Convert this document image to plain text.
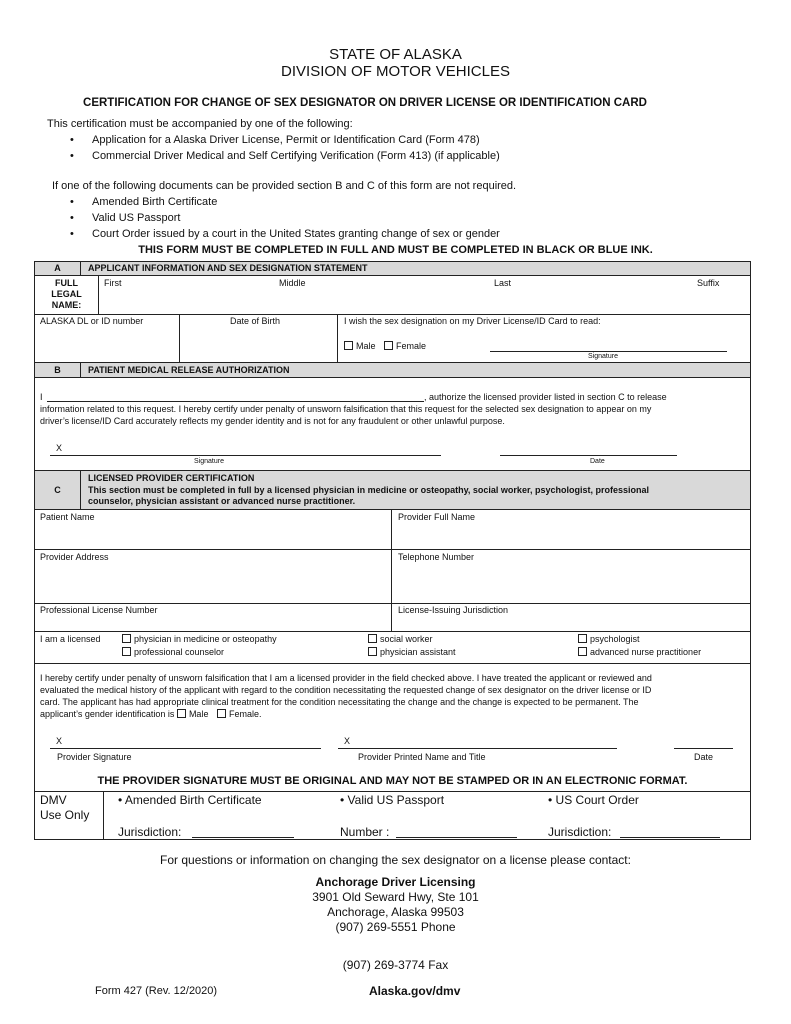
STATE OF ALASKA
DIVISION OF MOTOR VEHICLES
CERTIFICATION FOR CHANGE OF SEX DESIGNATOR ON DRIVER LICENSE OR IDENTIFICATION CARD
This certification must be accompanied by one of the following:
• Application for a Alaska Driver License, Permit or Identification Card (Form 478)
• Commercial Driver Medical and Self Certifying Verification (Form 413) (if applicable)
If one of the following documents can be provided section B and C of this form are not required.
• Amended Birth Certificate
• Valid US Passport
• Court Order issued by a court in the United States granting change of sex or gender
THIS FORM MUST BE COMPLETED IN FULL AND MUST BE COMPLETED IN BLACK OR BLUE INK.
A	APPLICANT INFORMATION AND SEX DESIGNATION STATEMENT
FULL
LEGAL
NAME:
First	Middle	Last	Suffix
ALASKA DL or ID number	Date of Birth	I wish the sex designation on my Driver License/ID Card to read:
Male Female
Signature
B	PATIENT MEDICAL RELEASE AUTHORIZATION
I	, authorize the licensed provider listed in section C to release
information related to this request. I hereby certify under penalty of unsworn falsification that this request for the selected sex designation to appear on my
driver’s license/ID Card accurately reflects my gender identity and is not for any fraudulent or other unlawful purpose.
X
Signature	Date
C
LICENSED PROVIDER CERTIFICATION
This section must be completed in full by a licensed physician in medicine or osteopathy, social worker, psychologist, professional
counselor, physician assistant or advanced nurse practitioner.
Patient Name	Provider Full Name
Provider Address	Telephone Number
Professional License Number	License-Issuing Jurisdiction
I am a licensed	physician in medicine or osteopathy	social worker	psychologist
professional counselor	physician assistant	advanced nurse practitioner
I hereby certify under penalty of unsworn falsification that I am a licensed provider in the field checked above. I have treated the applicant or reviewed and
evaluated the medical history of the applicant with regard to the condition necessitating the requested change of sex designator on the driver license or ID
card. The applicant has had appropriate clinical treatment for the condition necessitating the change and the change is expected to be permanent. The
applicant’s gender identification is Male Female.
X
Provider Signature
X
Provider Printed Name and Title	Date
THE PROVIDER SIGNATURE MUST BE ORIGINAL AND MAY NOT BE STAMPED OR IN AN ELECTRONIC FORMAT.
DMV
Use Only
• Amended Birth Certificate	• Valid US Passport	• US Court Order
Jurisdiction:	Number :	Jurisdiction:
For questions or information on changing the sex designator on a license please contact:
Anchorage Driver Licensing
3901 Old Seward Hwy, Ste 101
Anchorage, Alaska 99503
(907) 269-5551 Phone
(907) 269-3774 Fax
Form 427 (Rev. 12/2020)	Alaska.gov/dmv
